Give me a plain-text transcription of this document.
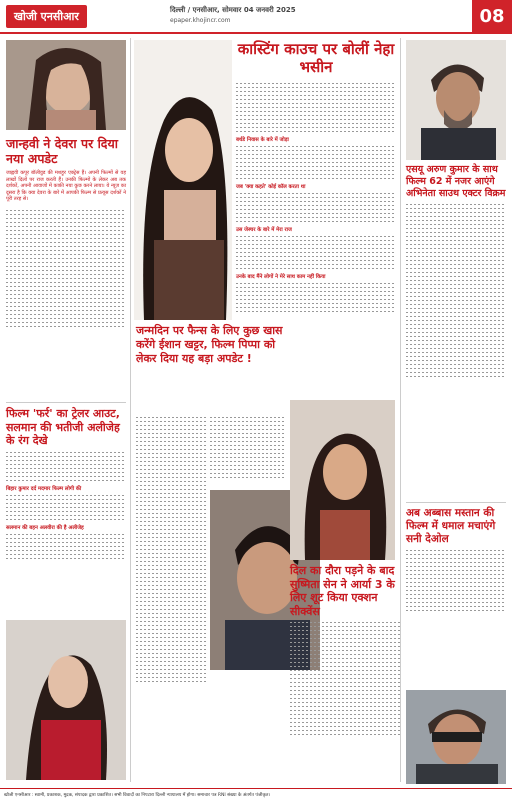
खोजी एनसीआर	दिल्ली / एनसीआर, सोमवार 04 जनवरी 2025
epaper.khojincr.com	08
जान्हवी ने देवरा पर दिया नया अपडेट
जाह्नवी कपूर बॉलीवुड की मशहूर एक्ट्रेस हैं। अपनी फिल्मों से वह लाखों दिलों पर राज करती हैं। उनकी फिल्मों के लेकर अब तक दर्शकों, अपनी आवाजों में काफ़ी नया कुछ करने लाया। ये न्यूज़ का दूसरा है कि क्या देवरा के बारे में आपकी फिल्म से प्रत्यूस दर्शकों ने पूरी तरह से।
फिल्म 'फर्र' का ट्रेलर आउट, सलमान की भतीजी अलीजेह के रंग देखे
बिहार कुमार दर्द मदमार फिल्म लोगी की
सलमान की बहन अलवीरा की है अलीजेह
कास्टिंग काउच पर बोलीं नेहा भसीन
बर्थडे निवास के बारे में जोड़ा
जब 'क्या कहते' कोई कॉल करता था
उस जेस्चर के बारे में मेरा राज
उनके बाद मैंने लोगों ने मेरे साथ काम नहीं किया
जन्मदिन पर फैन्स के लिए कुछ खास करेंगे ईशान खट्टर, फिल्म पिप्पा को लेकर दिया यह बड़ा अपडेट !
दिल का दौरा पड़ने के बाद सुष्मिता सेन ने आर्या 3 के लिए शूट किया एक्शन सीक्वेंस
एसयू अरुण कुमार के साथ फिल्म 62 में नजर आएंगे अभिनेता साउथ एक्टर विक्रम
अब अब्बास मस्तान की फिल्म में धमाल मचाएंगे सनी देओल
खोजी एनसीआर : स्वामी, प्रकाशक, मुद्रक, संपादक द्वारा प्रकाशित। सभी विवादों का निपटारा दिल्ली न्यायालय में होगा। समाचार पत्र RNI संख्या के अंतर्गत पंजीकृत।
